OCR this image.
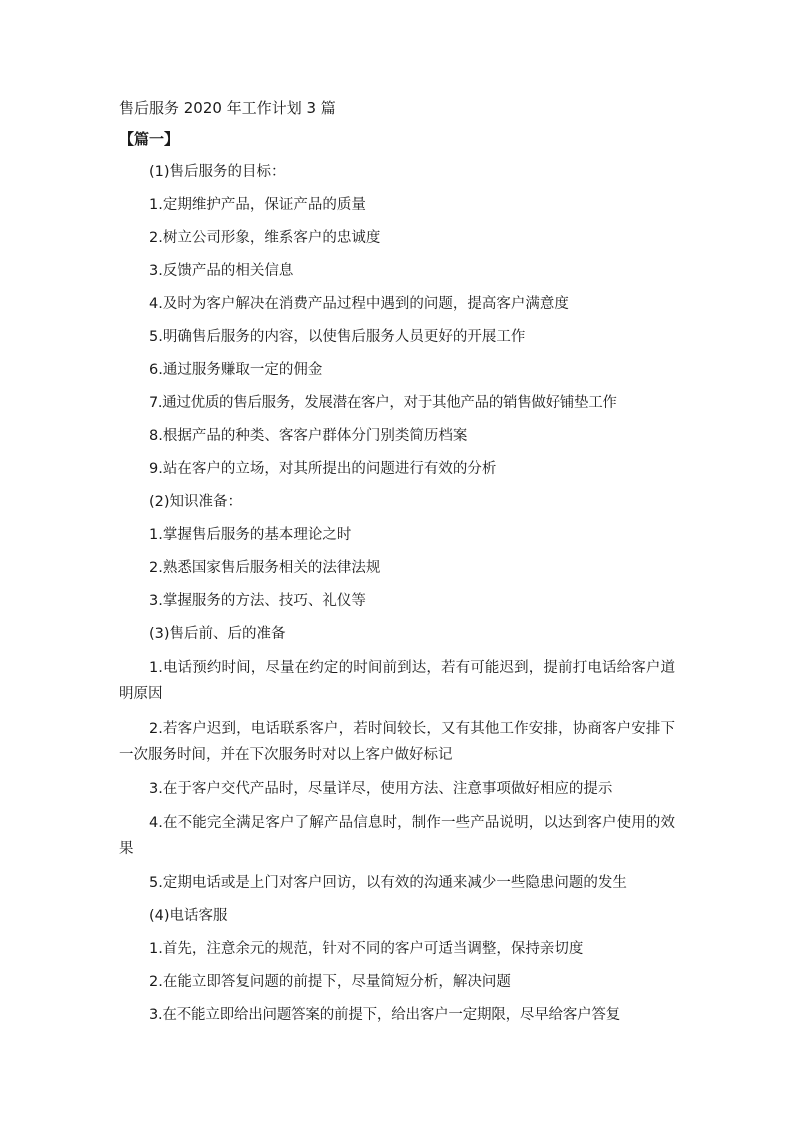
售后服务 2020 年工作计划 3 篇
【篇一】
(1)售后服务的目标：
1.定期维护产品，保证产品的质量
2.树立公司形象，维系客户的忠诚度
3.反馈产品的相关信息
4.及时为客户解决在消费产品过程中遇到的问题，提高客户满意度
5.明确售后服务的内容，以使售后服务人员更好的开展工作
6.通过服务赚取一定的佣金
7.通过优质的售后服务，发展潜在客户，对于其他产品的销售做好铺垫工作
8.根据产品的种类、客客户群体分门别类简历档案
9.站在客户的立场，对其所提出的问题进行有效的分析
(2)知识准备：
1.掌握售后服务的基本理论之时
2.熟悉国家售后服务相关的法律法规
3.掌握服务的方法、技巧、礼仪等
(3)售后前、后的准备
1.电话预约时间，尽量在约定的时间前到达，若有可能迟到，提前打电话给客户道明原因
2.若客户迟到，电话联系客户，若时间较长，又有其他工作安排，协商客户安排下一次服务时间，并在下次服务时对以上客户做好标记
3.在于客户交代产品时，尽量详尽，使用方法、注意事项做好相应的提示
4.在不能完全满足客户了解产品信息时，制作一些产品说明，以达到客户使用的效果
5.定期电话或是上门对客户回访，以有效的沟通来减少一些隐患问题的发生
(4)电话客服
1.首先，注意余元的规范，针对不同的客户可适当调整，保持亲切度
2.在能立即答复问题的前提下，尽量简短分析，解决问题
3.在不能立即给出问题答案的前提下，给出客户一定期限，尽早给客户答复
